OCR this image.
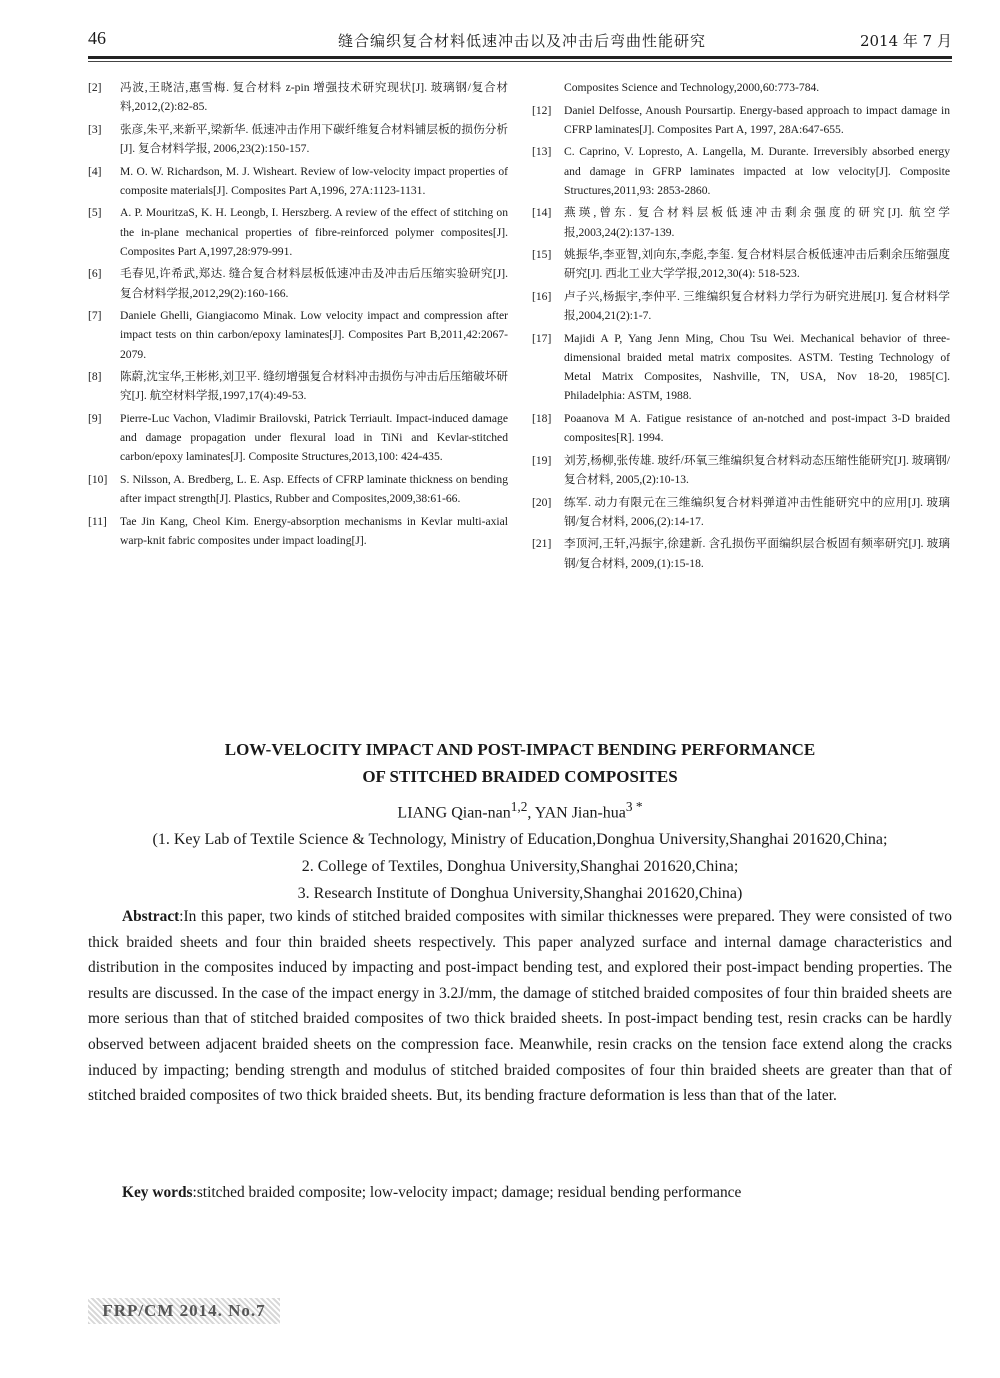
46	缝合编织复合材料低速冲击以及冲击后弯曲性能研究	2014 年 7 月
[2] 冯波,王晓洁,惠雪梅. 复合材料 z-pin 增强技术研究现状[J]. 玻璃钢/复合材料,2012,(2):82-85.
[3] 张彦,朱平,来新平,梁新华. 低速冲击作用下碳纤维复合材料铺层板的损伤分析[J]. 复合材料学报, 2006,23(2):150-157.
[4] M. O. W. Richardson, M. J. Wisheart. Review of low-velocity impact properties of composite materials[J]. Composites Part A,1996, 27A:1123-1131.
[5] A. P. MouritzaS, K. H. Leongb, I. Herszberg. A review of the effect of stitching on the in-plane mechanical properties of fibre-reinforced polymer composites[J]. Composites Part A,1997,28:979-991.
[6] 毛春见,许希武,郑达. 缝合复合材料层板低速冲击及冲击后压缩实验研究[J]. 复合材料学报,2012,29(2):160-166.
[7] Daniele Ghelli, Giangiacomo Minak. Low velocity impact and compression after impact tests on thin carbon/epoxy laminates[J]. Composites Part B,2011,42:2067-2079.
[8] 陈蔚,沈宝华,王彬彬,刘卫平. 缝纫增强复合材料冲击损伤与冲击后压缩破坏研究[J]. 航空材料学报,1997,17(4):49-53.
[9] Pierre-Luc Vachon, Vladimir Brailovski, Patrick Terriault. Impact-induced damage and damage propagation under flexural load in TiNi and Kevlar-stitched carbon/epoxy laminates[J]. Composite Structures,2013,100: 424-435.
[10] S. Nilsson, A. Bredberg, L. E. Asp. Effects of CFRP laminate thickness on bending after impact strength[J]. Plastics, Rubber and Composites,2009,38:61-66.
[11] Tae Jin Kang, Cheol Kim. Energy-absorption mechanisms in Kevlar multi-axial warp-knit fabric composites under impact loading[J].
Composites Science and Technology,2000,60:773-784.
[12] Daniel Delfosse, Anoush Poursartip. Energy-based approach to impact damage in CFRP laminates[J]. Composites Part A, 1997, 28A:647-655.
[13] C. Caprino, V. Lopresto, A. Langella, M. Durante. Irreversibly absorbed energy and damage in GFRP laminates impacted at low velocity[J]. Composite Structures,2011,93: 2853-2860.
[14] 燕瑛,曾东. 复合材料层板低速冲击剩余强度的研究[J]. 航空学报,2003,24(2):137-139.
[15] 姚振华,李亚智,刘向东,李彪,李玺. 复合材料层合板低速冲击后剩余压缩强度研究[J]. 西北工业大学学报,2012,30(4): 518-523.
[16] 卢子兴,杨振宇,李仲平. 三维编织复合材料力学行为研究进展[J]. 复合材料学报,2004,21(2):1-7.
[17] Majidi A P, Yang Jenn Ming, Chou Tsu Wei. Mechanical behavior of three-dimensional braided metal matrix composites. ASTM. Testing Technology of Metal Matrix Composites, Nashville, TN, USA, Nov 18-20, 1985[C]. Philadelphia: ASTM, 1988.
[18] Poaanova M A. Fatigue resistance of an-notched and post-impact 3-D braided composites[R]. 1994.
[19] 刘芳,杨柳,张传雄. 玻纤/环氧三维编织复合材料动态压缩性能研究[J]. 玻璃钢/复合材料, 2005,(2):10-13.
[20] 练军. 动力有限元在三维编织复合材料弹道冲击性能研究中的应用[J]. 玻璃钢/复合材料, 2006,(2):14-17.
[21] 李顶河,王轩,冯振宇,徐建新. 含孔损伤平面编织层合板固有频率研究[J]. 玻璃钢/复合材料, 2009,(1):15-18.

LOW-VELOCITY IMPACT AND POST-IMPACT BENDING PERFORMANCE

OF STITCHED BRAIDED COMPOSITES

LIANG Qian-nan$^{1,2}$, YAN Jian-hua$^{3 *}$
(1. Key Lab of Textile Science & Technology, Ministry of Education,Donghua University,Shanghai 201620,China;
2. College of Textiles, Donghua University,Shanghai 201620,China;
3. Research Institute of Donghua University,Shanghai 201620,China)
Abstract:In this paper, two kinds of stitched braided composites with similar thicknesses were prepared. They were consisted of two thick braided sheets and four thin braided sheets respectively. This paper analyzed surface and internal damage characteristics and distribution in the composites induced by impacting and post-impact bending test, and explored their post-impact bending properties. The results are discussed. In the case of the impact energy in 3.2J/mm, the damage of stitched braided composites of four thin braided sheets are more serious than that of stitched braided composites of two thick braided sheets. In post-impact bending test, resin cracks can be hardly observed between adjacent braided sheets on the compression face. Meanwhile, resin cracks on the tension face extend along the cracks induced by impacting; bending strength and modulus of stitched braided composites of four thin braided sheets are greater than that of stitched braided composites of two thick braided sheets. But, its bending fracture deformation is less than that of the later.
Key words:stitched braided composite; low-velocity impact; damage; residual bending performance
FRP/CM 2014. No.7
